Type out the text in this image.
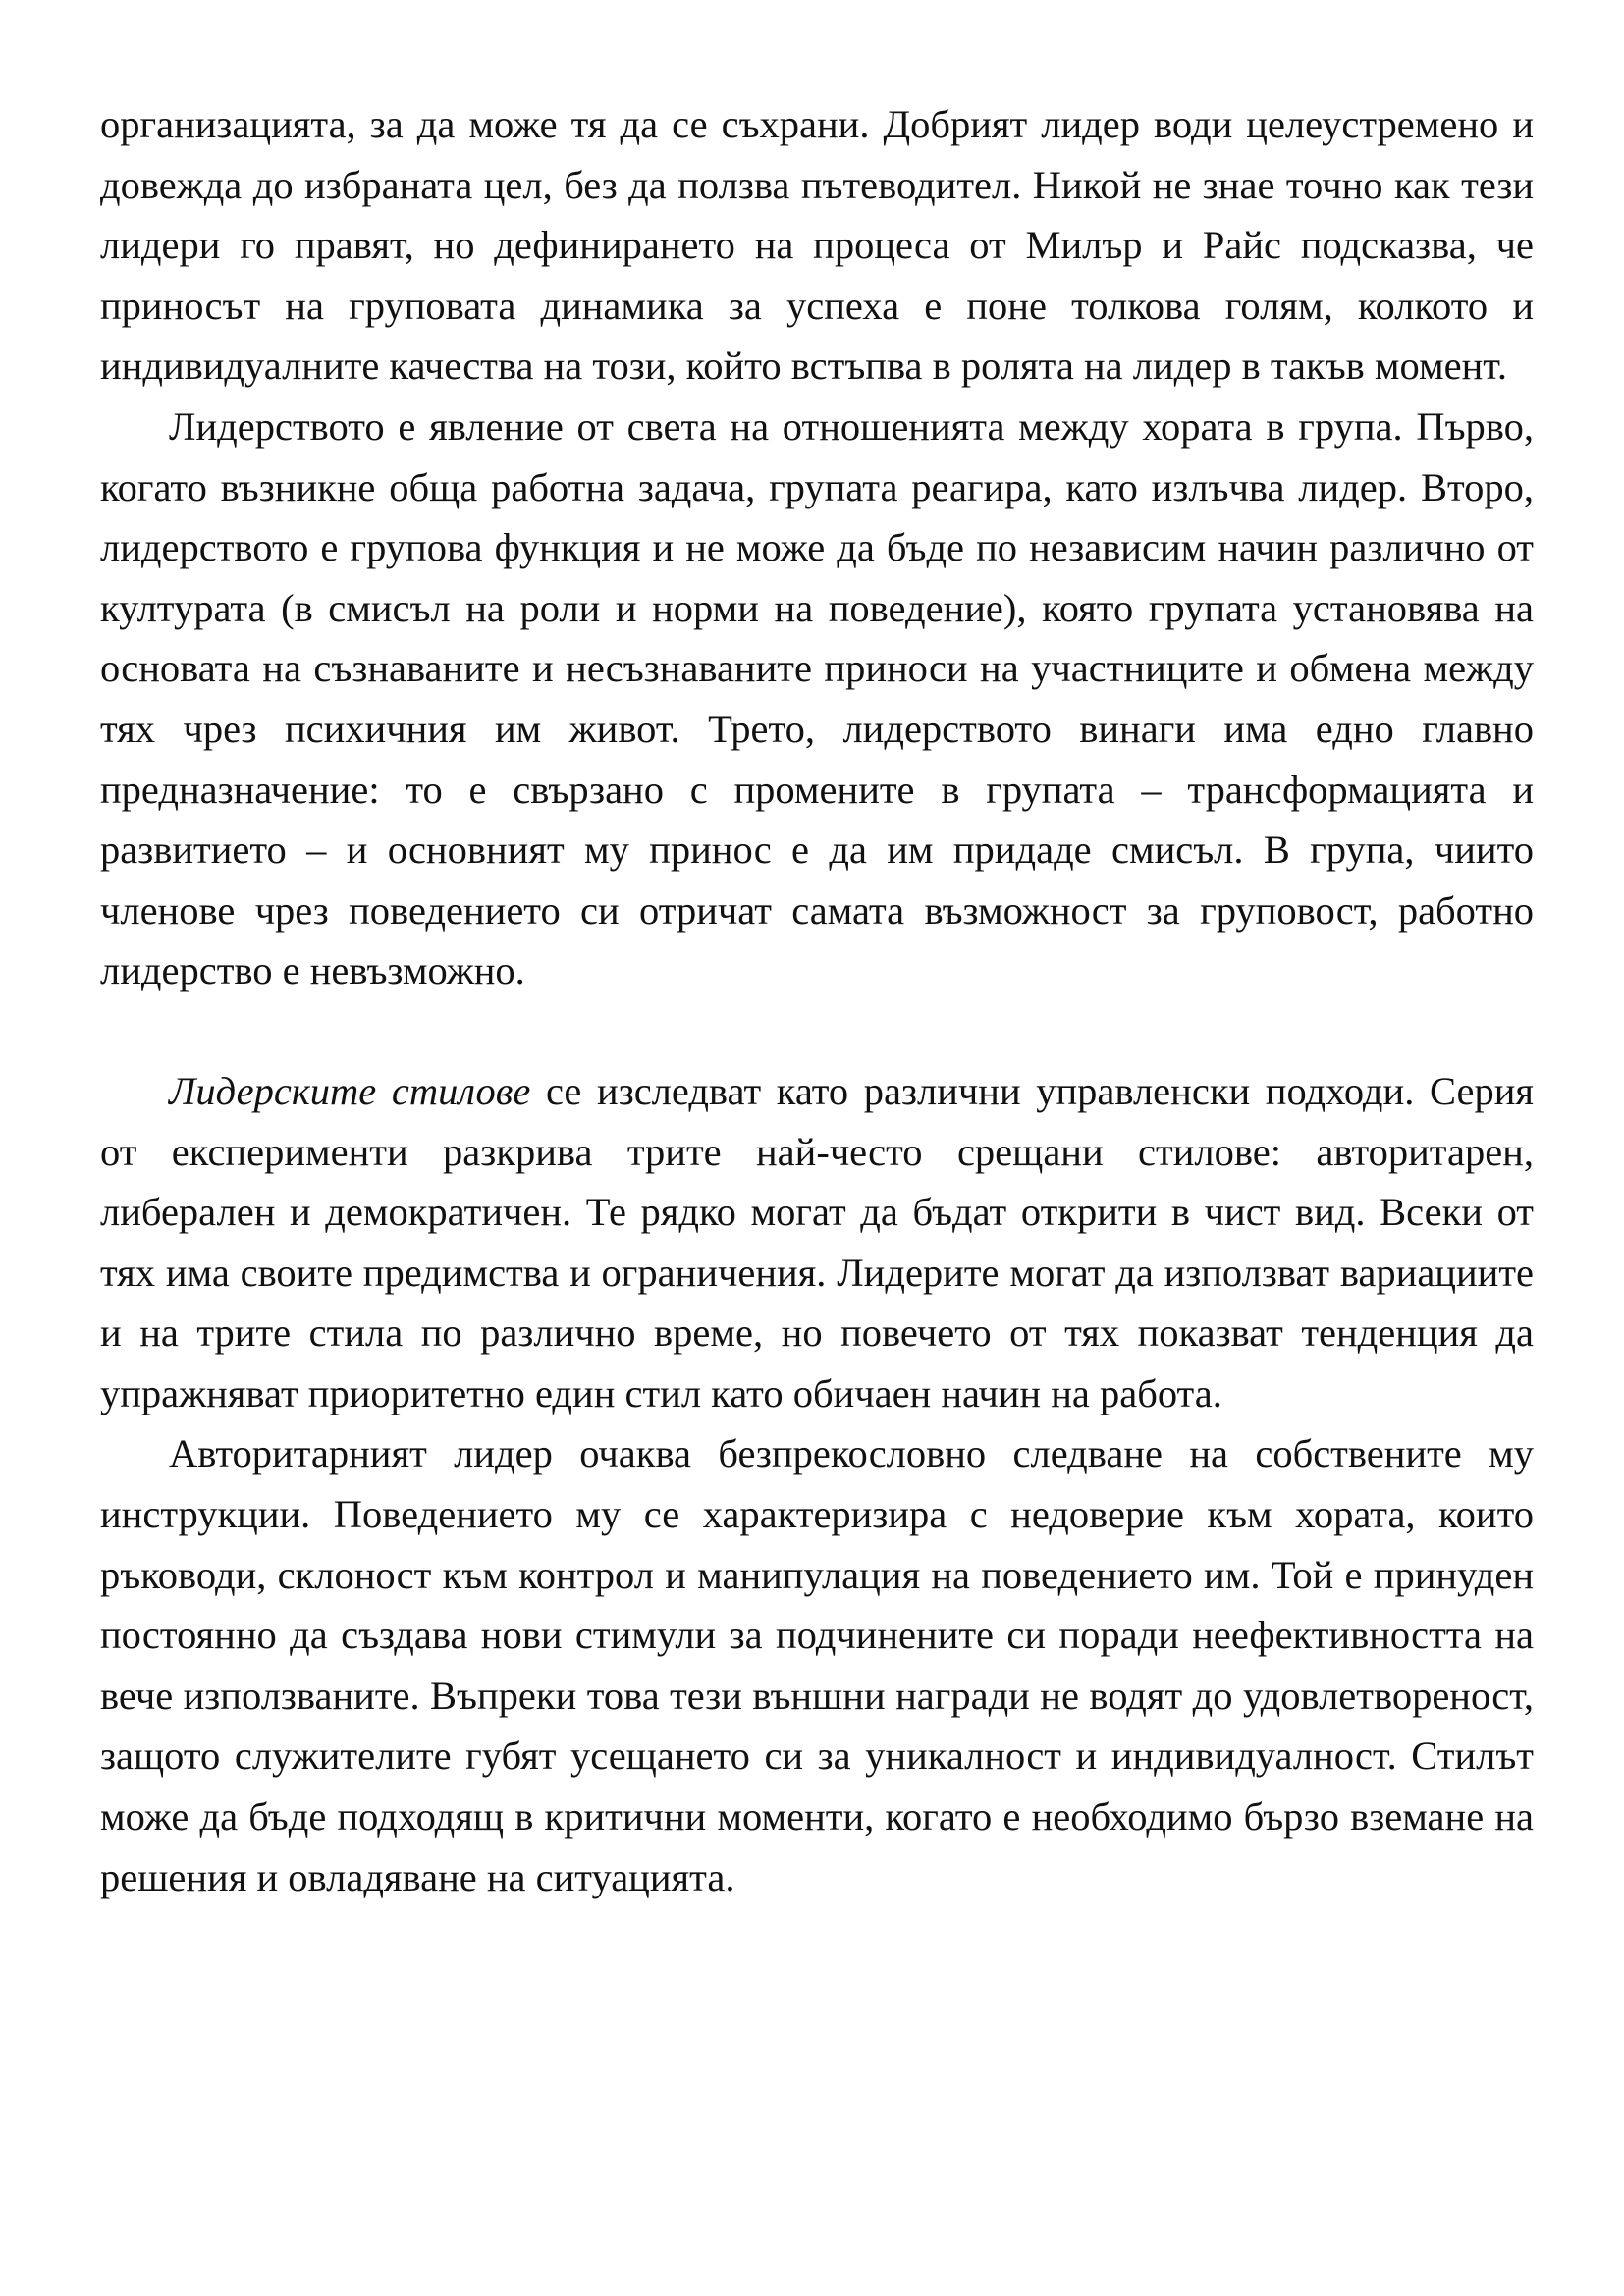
организацията, за да може тя да се съхрани. Добрият лидер води целеустремено и довежда до избраната цел, без да ползва пътеводител. Никой не знае точно как тези лидери го правят, но дефинирането на процеса от Милър и Райс подсказва, че приносът на груповата динамика за успеха е поне толкова голям, колкото и индивидуалните качества на този, който встъпва в ролята на лидер в такъв момент.

Лидерството е явление от света на отношенията между хората в група. Първо, когато възникне обща работна задача, групата реагира, като излъчва лидер. Второ, лидерството е групова функция и не може да бъде по независим начин различно от културата (в смисъл на роли и норми на поведение), която групата установява на основата на съзнаваните и несъзнаваните приноси на участниците и обмена между тях чрез психичния им живот. Трето, лидерството винаги има едно главно предназначение: то е свързано с промените в групата – трансформацията и развитието – и основният му принос е да им придаде смисъл. В група, чиито членове чрез поведението си отричат самата възможност за груповост, работно лидерство е невъзможно.

Лидерските стилове се изследват като различни управленски подходи. Серия от експерименти разкрива трите най-често срещани стилове: авторитарен, либерален и демократичен. Те рядко могат да бъдат открити в чист вид. Всеки от тях има своите предимства и ограничения. Лидерите могат да използват вариациите и на трите стила по различно време, но повечето от тях показват тенденция да упражняват приоритетно един стил като обичаен начин на работа.

Авторитарният лидер очаква безпрекословно следване на собствените му инструкции. Поведението му се характеризира с недоверие към хората, които ръководи, склоност към контрол и манипулация на поведението им. Той е принуден постоянно да създава нови стимули за подчинените си поради неефективността на вече използваните. Въпреки това тези външни награди не водят до удовлетвореност, защото служителите губят усещането си за уникалност и индивидуалност. Стилът може да бъде подходящ в критични моменти, когато е необходимо бързо вземане на решения и овладяване на ситуацията.
